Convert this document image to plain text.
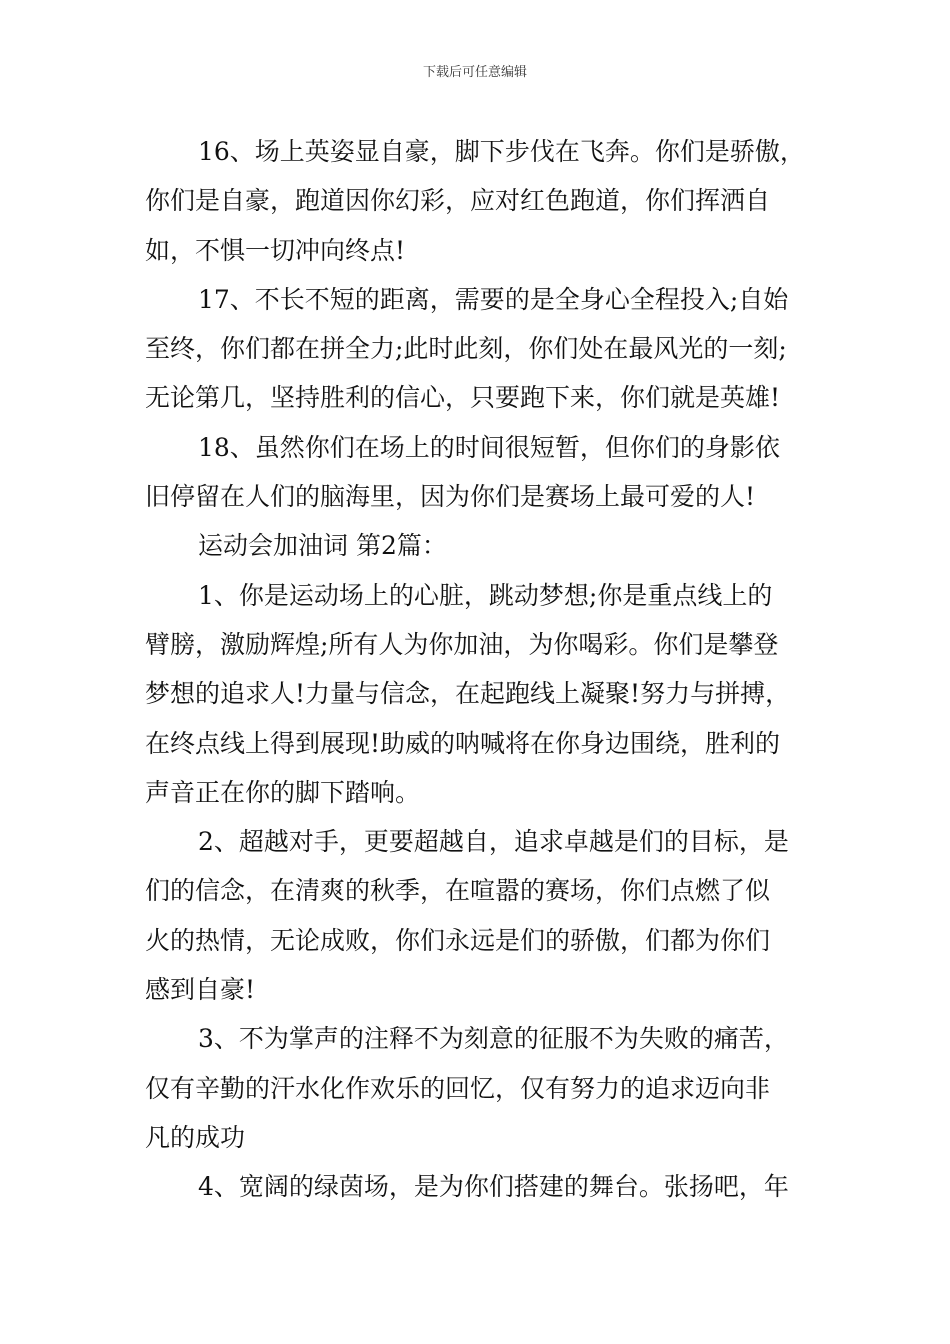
下载后可任意编辑
16、场上英姿显自豪，脚下步伐在飞奔。你们是骄傲，
你们是自豪，跑道因你幻彩，应对红色跑道，你们挥洒自
如，不惧一切冲向终点!
17、不长不短的距离，需要的是全身心全程投入;自始
至终，你们都在拼全力;此时此刻，你们处在最风光的一刻;
无论第几，坚持胜利的信心，只要跑下来，你们就是英雄!
18、虽然你们在场上的时间很短暂，但你们的身影依
旧停留在人们的脑海里，因为你们是赛场上最可爱的人!
运动会加油词 第2篇：
1、你是运动场上的心脏，跳动梦想;你是重点线上的
臂膀，激励辉煌;所有人为你加油，为你喝彩。你们是攀登
梦想的追求人!力量与信念，在起跑线上凝聚!努力与拼搏，
在终点线上得到展现!助威的呐喊将在你身边围绕，胜利的
声音正在你的脚下踏响。
2、超越对手，更要超越自，追求卓越是们的目标，是
们的信念，在清爽的秋季，在喧嚣的赛场，你们点燃了似
火的热情，无论成败，你们永远是们的骄傲，们都为你们
感到自豪!
3、不为掌声的注释不为刻意的征服不为失败的痛苦，
仅有辛勤的汗水化作欢乐的回忆，仅有努力的追求迈向非
凡的成功
4、宽阔的绿茵场，是为你们搭建的舞台。张扬吧，年
